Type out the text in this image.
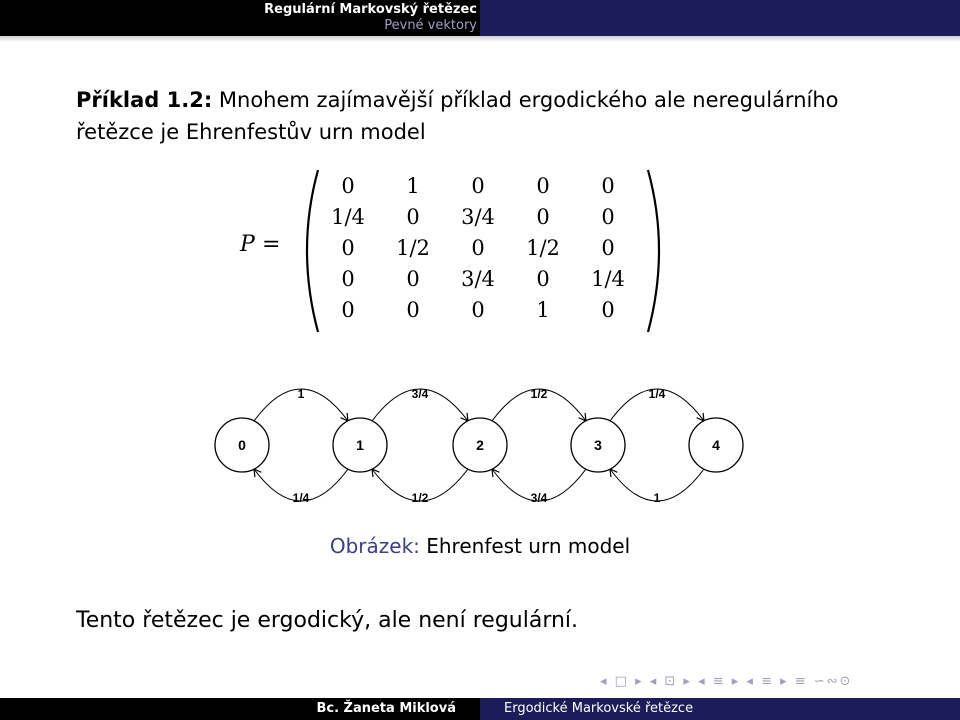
Regulární Markovský řetězec
Pevné vektory
Příklad 1.2: Mnohem zajímavější příklad ergodického ale neregulárního řetězce je Ehrenfestův urn model
P =
0	1	0	0	0
1/4	0	3/4	0	0
0	1/2	0	1/2	0
0	0	3/4	0	1/4
0	0	0	1	0
1
1/4
3/4
1/2
1/2
3/4
1/4
1
0	1	2	3	4
Obrázek: Ehrenfest urn model
Tento řetězec je ergodický, ale není regulární.
◂ □ ▸ ◂ ⊡ ▸ ◂ ≡ ▸ ◂ ≡ ▸ ≡ ∽∾⊙
Bc. Žaneta Miklová	Ergodické Markovské řetězce
